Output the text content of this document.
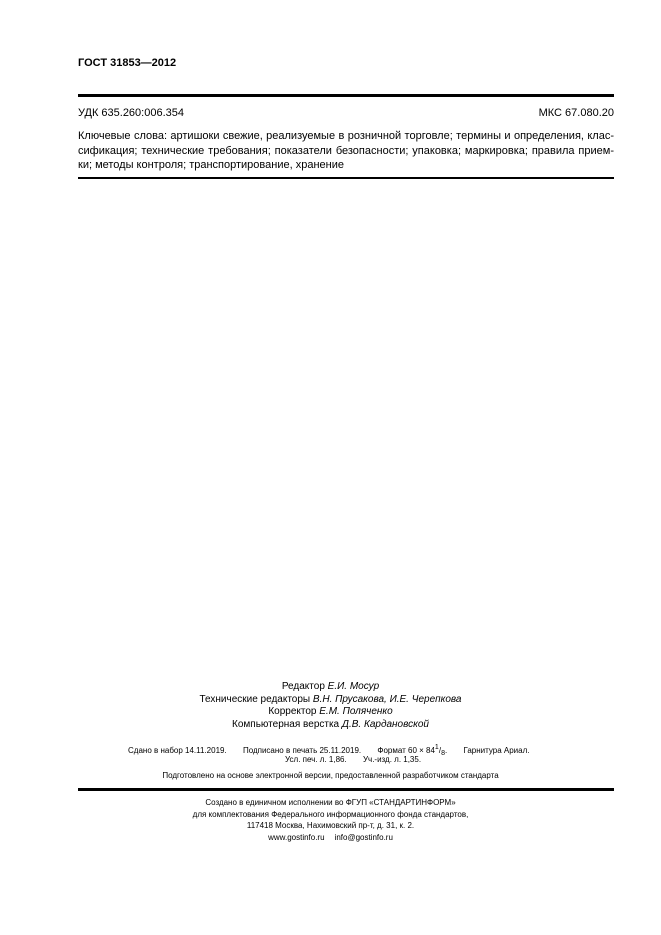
ГОСТ 31853—2012
УДК 635.260:006.354	МКС 67.080.20
Ключевые слова: артишоки свежие, реализуемые в розничной торговле; термины и определения, клас-
сификация; технические требования; показатели безопасности; упаковка; маркировка; правила прием-
ки; методы контроля; транспортирование, хранение
Редактор Е.И. Мосур
Технические редакторы В.Н. Прусакова, И.Е. Черепкова
Корректор Е.М. Поляченко
Компьютерная верстка Д.В. Кардановской
Сдано в набор 14.11.2019. Подписано в печать 25.11.2019. Формат $60 \times 84^1/_8$. Гарнитура Ариал.
Усл. печ. л. 1,86. Уч.-изд. л. 1,35.
Подготовлено на основе электронной версии, предоставленной разработчиком стандарта
Создано в единичном исполнении во ФГУП «СТАНДАРТИНФОРМ»
для комплектования Федерального информационного фонда стандартов,
117418 Москва, Нахимовский пр-т, д. 31, к. 2.
www.gostinfo.ru info@gostinfo.ru
